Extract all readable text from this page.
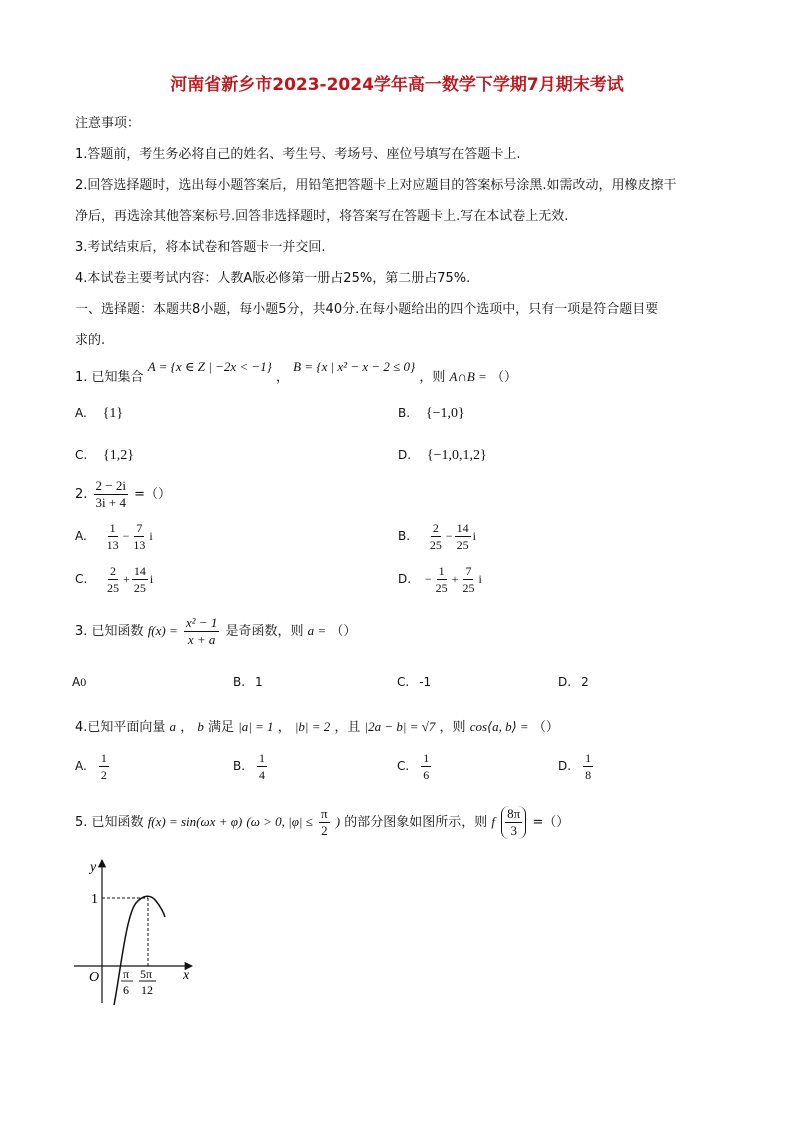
河南省新乡市2023-2024学年高一数学下学期7月期末考试
注意事项：
1.答题前，考生务必将自己的姓名、考生号、考场号、座位号填写在答题卡上.
2.回答选择题时，选出每小题答案后，用铅笔把答题卡上对应题目的答案标号涂黑.如需改动，用橡皮擦干
净后，再选涂其他答案标号.回答非选择题时，将答案写在答题卡上.写在本试卷上无效.
3.考试结束后，将本试卷和答题卡一并交回.
4.本试卷主要考试内容：人教A版必修第一册占25%，第二册占75%.
一、选择题：本题共8小题，每小题5分，共40分.在每小题给出的四个选项中，只有一项是符合题目要
求的.
1. 已知集合 A = {x ∈ Z | −2x < −1} ， B = {x | x² − x − 2 ≤ 0} ，则 A∩B = （）
A. {1}	B. {−1,0}
C. {1,2}	D. {−1,0,1,2}
2. $\frac{2 - 2i}{3i + 4}$ =（）
A. $\frac{1}{13} - \frac{7}{13}$ i	B. $\frac{2}{25} - \frac{14}{25}$ i
C. $\frac{2}{25} + \frac{14}{25}$ i	D. − $\frac{1}{25} + \frac{7}{25}$ i
3. 已知函数 $f(x) = \frac{\text{x² − 1}}{x + a}$ 是奇函数，则 a = （）
A0	B. 1	C. -1	D. 2
4.已知平面向量 a ， b 满足 |a| = 1 ， |b| = 2 ，且 |2a − b| = √7 ，则 cos⟨a, b⟩ = （）
A. $\frac{1}{2}$	B. $\frac{1}{4}$	C. $\frac{1}{6}$	D. $\frac{1}{8}$
5. 已知函数 f(x) = sin(ωx + φ) (ω > 0, $|\varphi| \le \frac{\pi}{2}$ ) 的部分图象如图所示，则 f $\frac{8\pi}{3}$ =（）
y
x
O
1
π
6
5π
12
